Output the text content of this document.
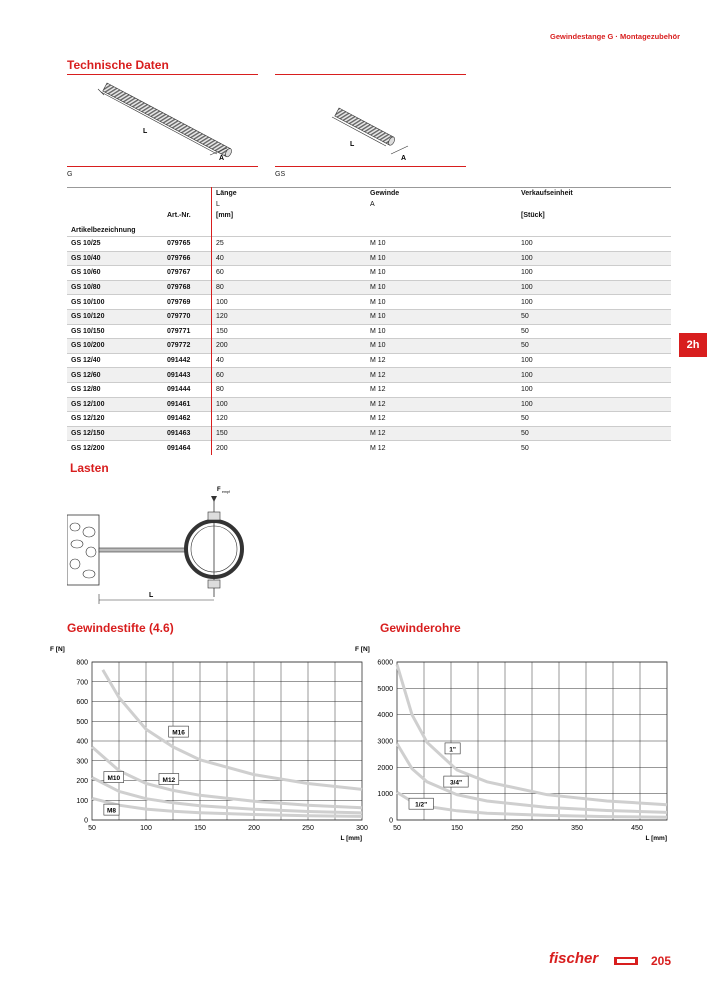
Gewindestange G · Montagezubehör
Technische Daten
L
A
G
L
A
GS
		Länge	Gewinde	Verkaufseinheit
		L	A	
	Art.-Nr.	[mm]		[Stück]
Artikelbezeichnung				
GS 10/25	079765	25	M 10	100
GS 10/40	079766	40	M 10	100
GS 10/60	079767	60	M 10	100
GS 10/80	079768	80	M 10	100
GS 10/100	079769	100	M 10	100
GS 10/120	079770	120	M 10	50
GS 10/150	079771	150	M 10	50
GS 10/200	079772	200	M 10	50
GS 12/40	091442	40	M 12	100
GS 12/60	091443	60	M 12	100
GS 12/80	091444	80	M 12	100
GS 12/100	091461	100	M 12	100
GS 12/120	091462	120	M 12	50
GS 12/150	091463	150	M 12	50
GS 12/200	091464	200	M 12	50
2h
Lasten
F empf
L
Gewindestifte (4.6)	Gewinderohre
0
100
200
300
400
500
600
700
800
50	100	150	200	250	300
F [N]
L [mm]
M16
M12
M10
M8
0
1000
2000
3000
4000
5000
6000
50	150	250	350	450
F [N]
L [mm]
1"
3/4"
1/2"
fischer	205
